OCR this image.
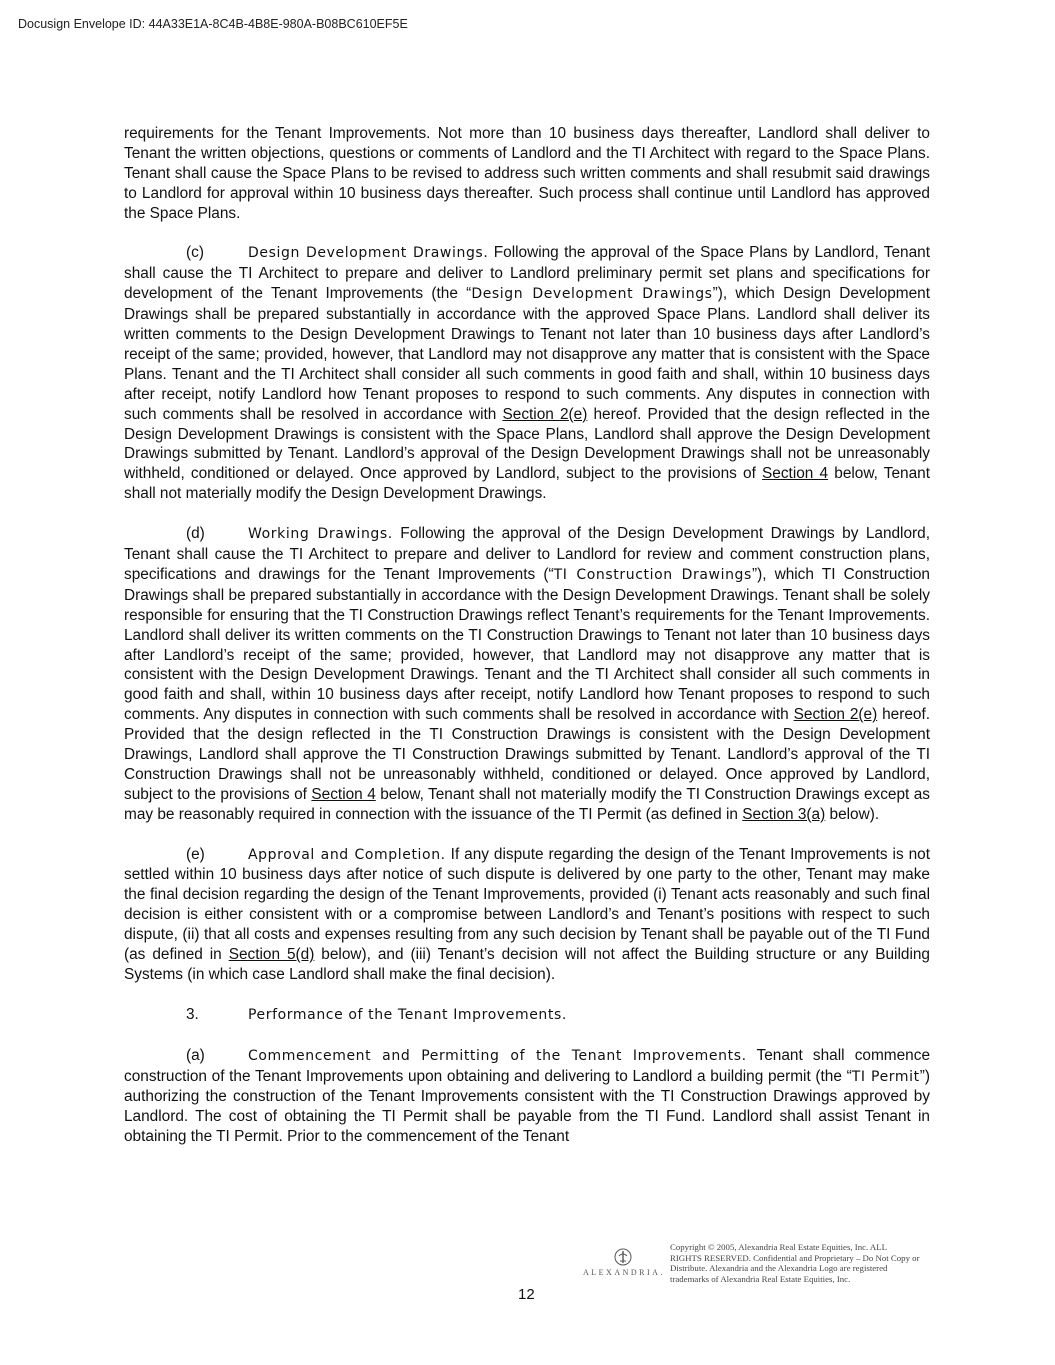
Docusign Envelope ID: 44A33E1A-8C4B-4B8E-980A-B08BC610EF5E

requirements for the Tenant Improvements. Not more than 10 business days thereafter, Landlord shall deliver to Tenant the written objections, questions or comments of Landlord and the TI Architect with regard to the Space Plans. Tenant shall cause the Space Plans to be revised to address such written comments and shall resubmit said drawings to Landlord for approval within 10 business days thereafter. Such process shall continue until Landlord has approved the Space Plans.

(c)	Design Development Drawings. Following the approval of the Space Plans by Landlord, Tenant shall cause the TI Architect to prepare and deliver to Landlord preliminary permit set plans and specifications for development of the Tenant Improvements (the “Design Development Drawings”), which Design Development Drawings shall be prepared substantially in accordance with the approved Space Plans. Landlord shall deliver its written comments to the Design Development Drawings to Tenant not later than 10 business days after Landlord’s receipt of the same; provided, however, that Landlord may not disapprove any matter that is consistent with the Space Plans. Tenant and the TI Architect shall consider all such comments in good faith and shall, within 10 business days after receipt, notify Landlord how Tenant proposes to respond to such comments. Any disputes in connection with such comments shall be resolved in accordance with Section 2(e) hereof. Provided that the design reflected in the Design Development Drawings is consistent with the Space Plans, Landlord shall approve the Design Development Drawings submitted by Tenant. Landlord’s approval of the Design Development Drawings shall not be unreasonably withheld, conditioned or delayed. Once approved by Landlord, subject to the provisions of Section 4 below, Tenant shall not materially modify the Design Development Drawings.

(d)	Working Drawings. Following the approval of the Design Development Drawings by Landlord, Tenant shall cause the TI Architect to prepare and deliver to Landlord for review and comment construction plans, specifications and drawings for the Tenant Improvements (“TI Construction Drawings”), which TI Construction Drawings shall be prepared substantially in accordance with the Design Development Drawings. Tenant shall be solely responsible for ensuring that the TI Construction Drawings reflect Tenant’s requirements for the Tenant Improvements. Landlord shall deliver its written comments on the TI Construction Drawings to Tenant not later than 10 business days after Landlord’s receipt of the same; provided, however, that Landlord may not disapprove any matter that is consistent with the Design Development Drawings. Tenant and the TI Architect shall consider all such comments in good faith and shall, within 10 business days after receipt, notify Landlord how Tenant proposes to respond to such comments. Any disputes in connection with such comments shall be resolved in accordance with Section 2(e) hereof. Provided that the design reflected in the TI Construction Drawings is consistent with the Design Development Drawings, Landlord shall approve the TI Construction Drawings submitted by Tenant. Landlord’s approval of the TI Construction Drawings shall not be unreasonably withheld, conditioned or delayed. Once approved by Landlord, subject to the provisions of Section 4 below, Tenant shall not materially modify the TI Construction Drawings except as may be reasonably required in connection with the issuance of the TI Permit (as defined in Section 3(a) below).

(e)	Approval and Completion. If any dispute regarding the design of the Tenant Improvements is not settled within 10 business days after notice of such dispute is delivered by one party to the other, Tenant may make the final decision regarding the design of the Tenant Improvements, provided (i) Tenant acts reasonably and such final decision is either consistent with or a compromise between Landlord’s and Tenant’s positions with respect to such dispute, (ii) that all costs and expenses resulting from any such decision by Tenant shall be payable out of the TI Fund (as defined in Section 5(d) below), and (iii) Tenant’s decision will not affect the Building structure or any Building Systems (in which case Landlord shall make the final decision).

3.	Performance of the Tenant Improvements.

(a)	Commencement and Permitting of the Tenant Improvements. Tenant shall commence construction of the Tenant Improvements upon obtaining and delivering to Landlord a building permit (the “TI Permit”) authorizing the construction of the Tenant Improvements consistent with the TI Construction Drawings approved by Landlord. The cost of obtaining the TI Permit shall be payable from the TI Fund. Landlord shall assist Tenant in obtaining the TI Permit. Prior to the commencement of the Tenant

ALEXANDRIA.
Copyright © 2005, Alexandria Real Estate Equities, Inc. ALL RIGHTS RESERVED. Confidential and Proprietary – Do Not Copy or Distribute. Alexandria and the Alexandria Logo are registered trademarks of Alexandria Real Estate Equities, Inc.
12
